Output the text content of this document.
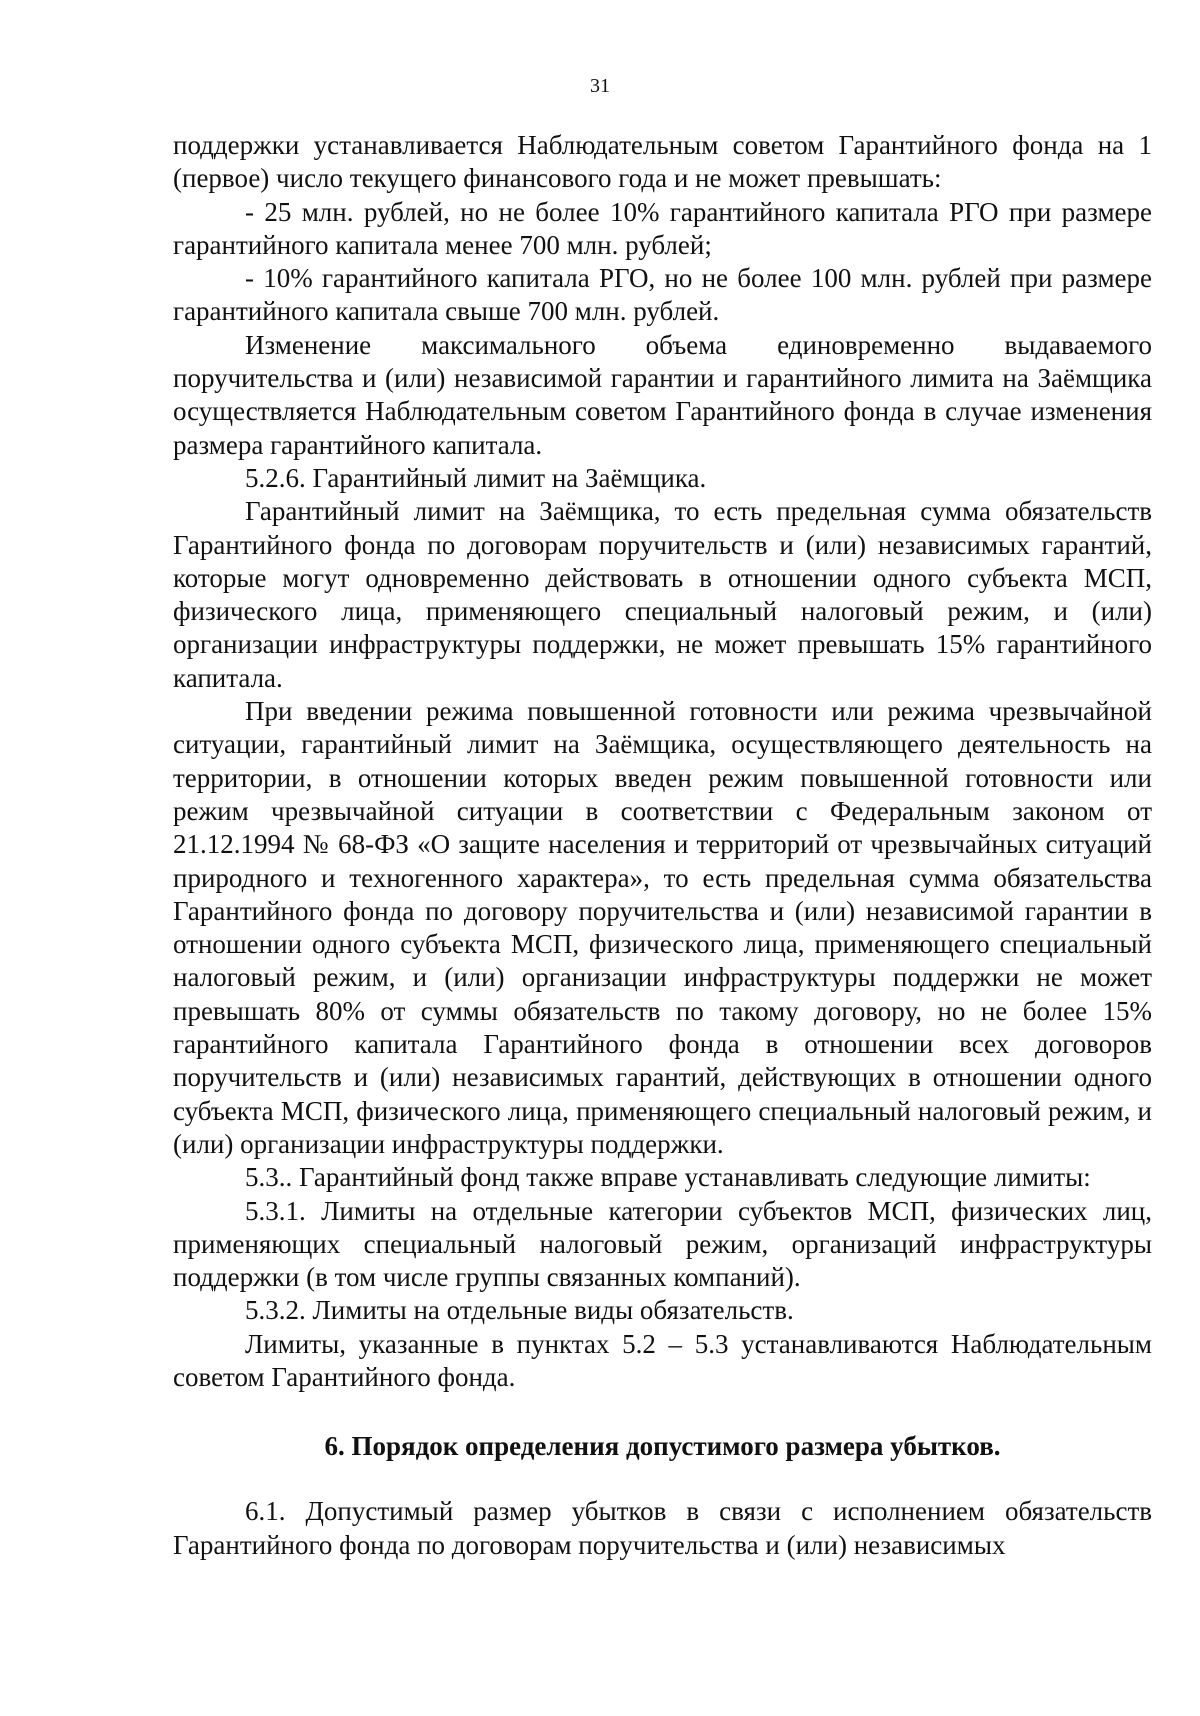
31

поддержки устанавливается Наблюдательным советом Гарантийного фонда на 1 (первое) число текущего финансового года и не может превышать:

- 25 млн. рублей, но не более 10% гарантийного капитала РГО при размере гарантийного капитала менее 700 млн. рублей;

- 10% гарантийного капитала РГО, но не более 100 млн. рублей при размере гарантийного капитала свыше 700 млн. рублей.

Изменение максимального объема единовременно выдаваемого поручительства и (или) независимой гарантии и гарантийного лимита на Заёмщика осуществляется Наблюдательным советом Гарантийного фонда в случае изменения размера гарантийного капитала.

5.2.6. Гарантийный лимит на Заёмщика.

Гарантийный лимит на Заёмщика, то есть предельная сумма обязательств Гарантийного фонда по договорам поручительств и (или) независимых гарантий, которые могут одновременно действовать в отношении одного субъекта МСП, физического лица, применяющего специальный налоговый режим, и (или) организации инфраструктуры поддержки, не может превышать 15% гарантийного капитала.

При введении режима повышенной готовности или режима чрезвычайной ситуации, гарантийный лимит на Заёмщика, осуществляющего деятельность на территории, в отношении которых введен режим повышенной готовности или режим чрезвычайной ситуации в соответствии с Федеральным законом от 21.12.1994 № 68-ФЗ «О защите населения и территорий от чрезвычайных ситуаций природного и техногенного характера», то есть предельная сумма обязательства Гарантийного фонда по договору поручительства и (или) независимой гарантии в отношении одного субъекта МСП, физического лица, применяющего специальный налоговый режим, и (или) организации инфраструктуры поддержки не может превышать 80% от суммы обязательств по такому договору, но не более 15% гарантийного капитала Гарантийного фонда в отношении всех договоров поручительств и (или) независимых гарантий, действующих в отношении одного субъекта МСП, физического лица, применяющего специальный налоговый режим, и (или) организации инфраструктуры поддержки.

5.3.. Гарантийный фонд также вправе устанавливать следующие лимиты:

5.3.1. Лимиты на отдельные категории субъектов МСП, физических лиц, применяющих специальный налоговый режим, организаций инфраструктуры поддержки (в том числе группы связанных компаний).

5.3.2. Лимиты на отдельные виды обязательств.

Лимиты, указанные в пунктах 5.2 – 5.3 устанавливаются Наблюдательным советом Гарантийного фонда.

6. Порядок определения допустимого размера убытков.

6.1. Допустимый размер убытков в связи с исполнением обязательств Гарантийного фонда по договорам поручительства и (или) независимых
